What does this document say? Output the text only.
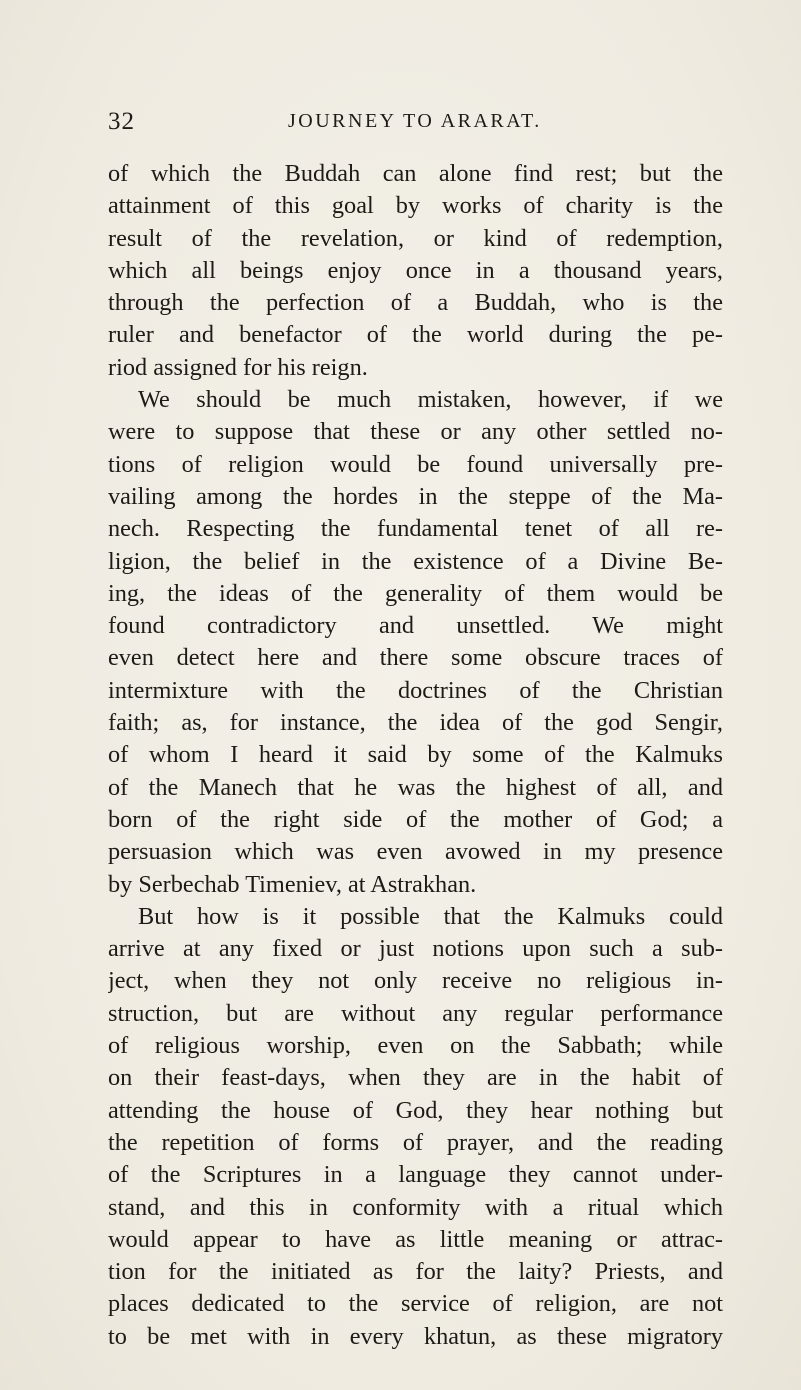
32	JOURNEY TO ARARAT.
of which the Buddah can alone find rest; but the
attainment of this goal by works of charity is the
result of the revelation, or kind of redemption,
which all beings enjoy once in a thousand years,
through the perfection of a Buddah, who is the
ruler and benefactor of the world during the pe-
riod assigned for his reign.
We should be much mistaken, however, if we
were to suppose that these or any other settled no-
tions of religion would be found universally pre-
vailing among the hordes in the steppe of the Ma-
nech. Respecting the fundamental tenet of all re-
ligion, the belief in the existence of a Divine Be-
ing, the ideas of the generality of them would be
found contradictory and unsettled. We might
even detect here and there some obscure traces of
intermixture with the doctrines of the Christian
faith; as, for instance, the idea of the god Sengir,
of whom I heard it said by some of the Kalmuks
of the Manech that he was the highest of all, and
born of the right side of the mother of God; a
persuasion which was even avowed in my presence
by Serbechab Timeniev, at Astrakhan.
But how is it possible that the Kalmuks could
arrive at any fixed or just notions upon such a sub-
ject, when they not only receive no religious in-
struction, but are without any regular performance
of religious worship, even on the Sabbath; while
on their feast-days, when they are in the habit of
attending the house of God, they hear nothing but
the repetition of forms of prayer, and the reading
of the Scriptures in a language they cannot under-
stand, and this in conformity with a ritual which
would appear to have as little meaning or attrac-
tion for the initiated as for the laity? Priests, and
places dedicated to the service of religion, are not
to be met with in every khatun, as these migratory
